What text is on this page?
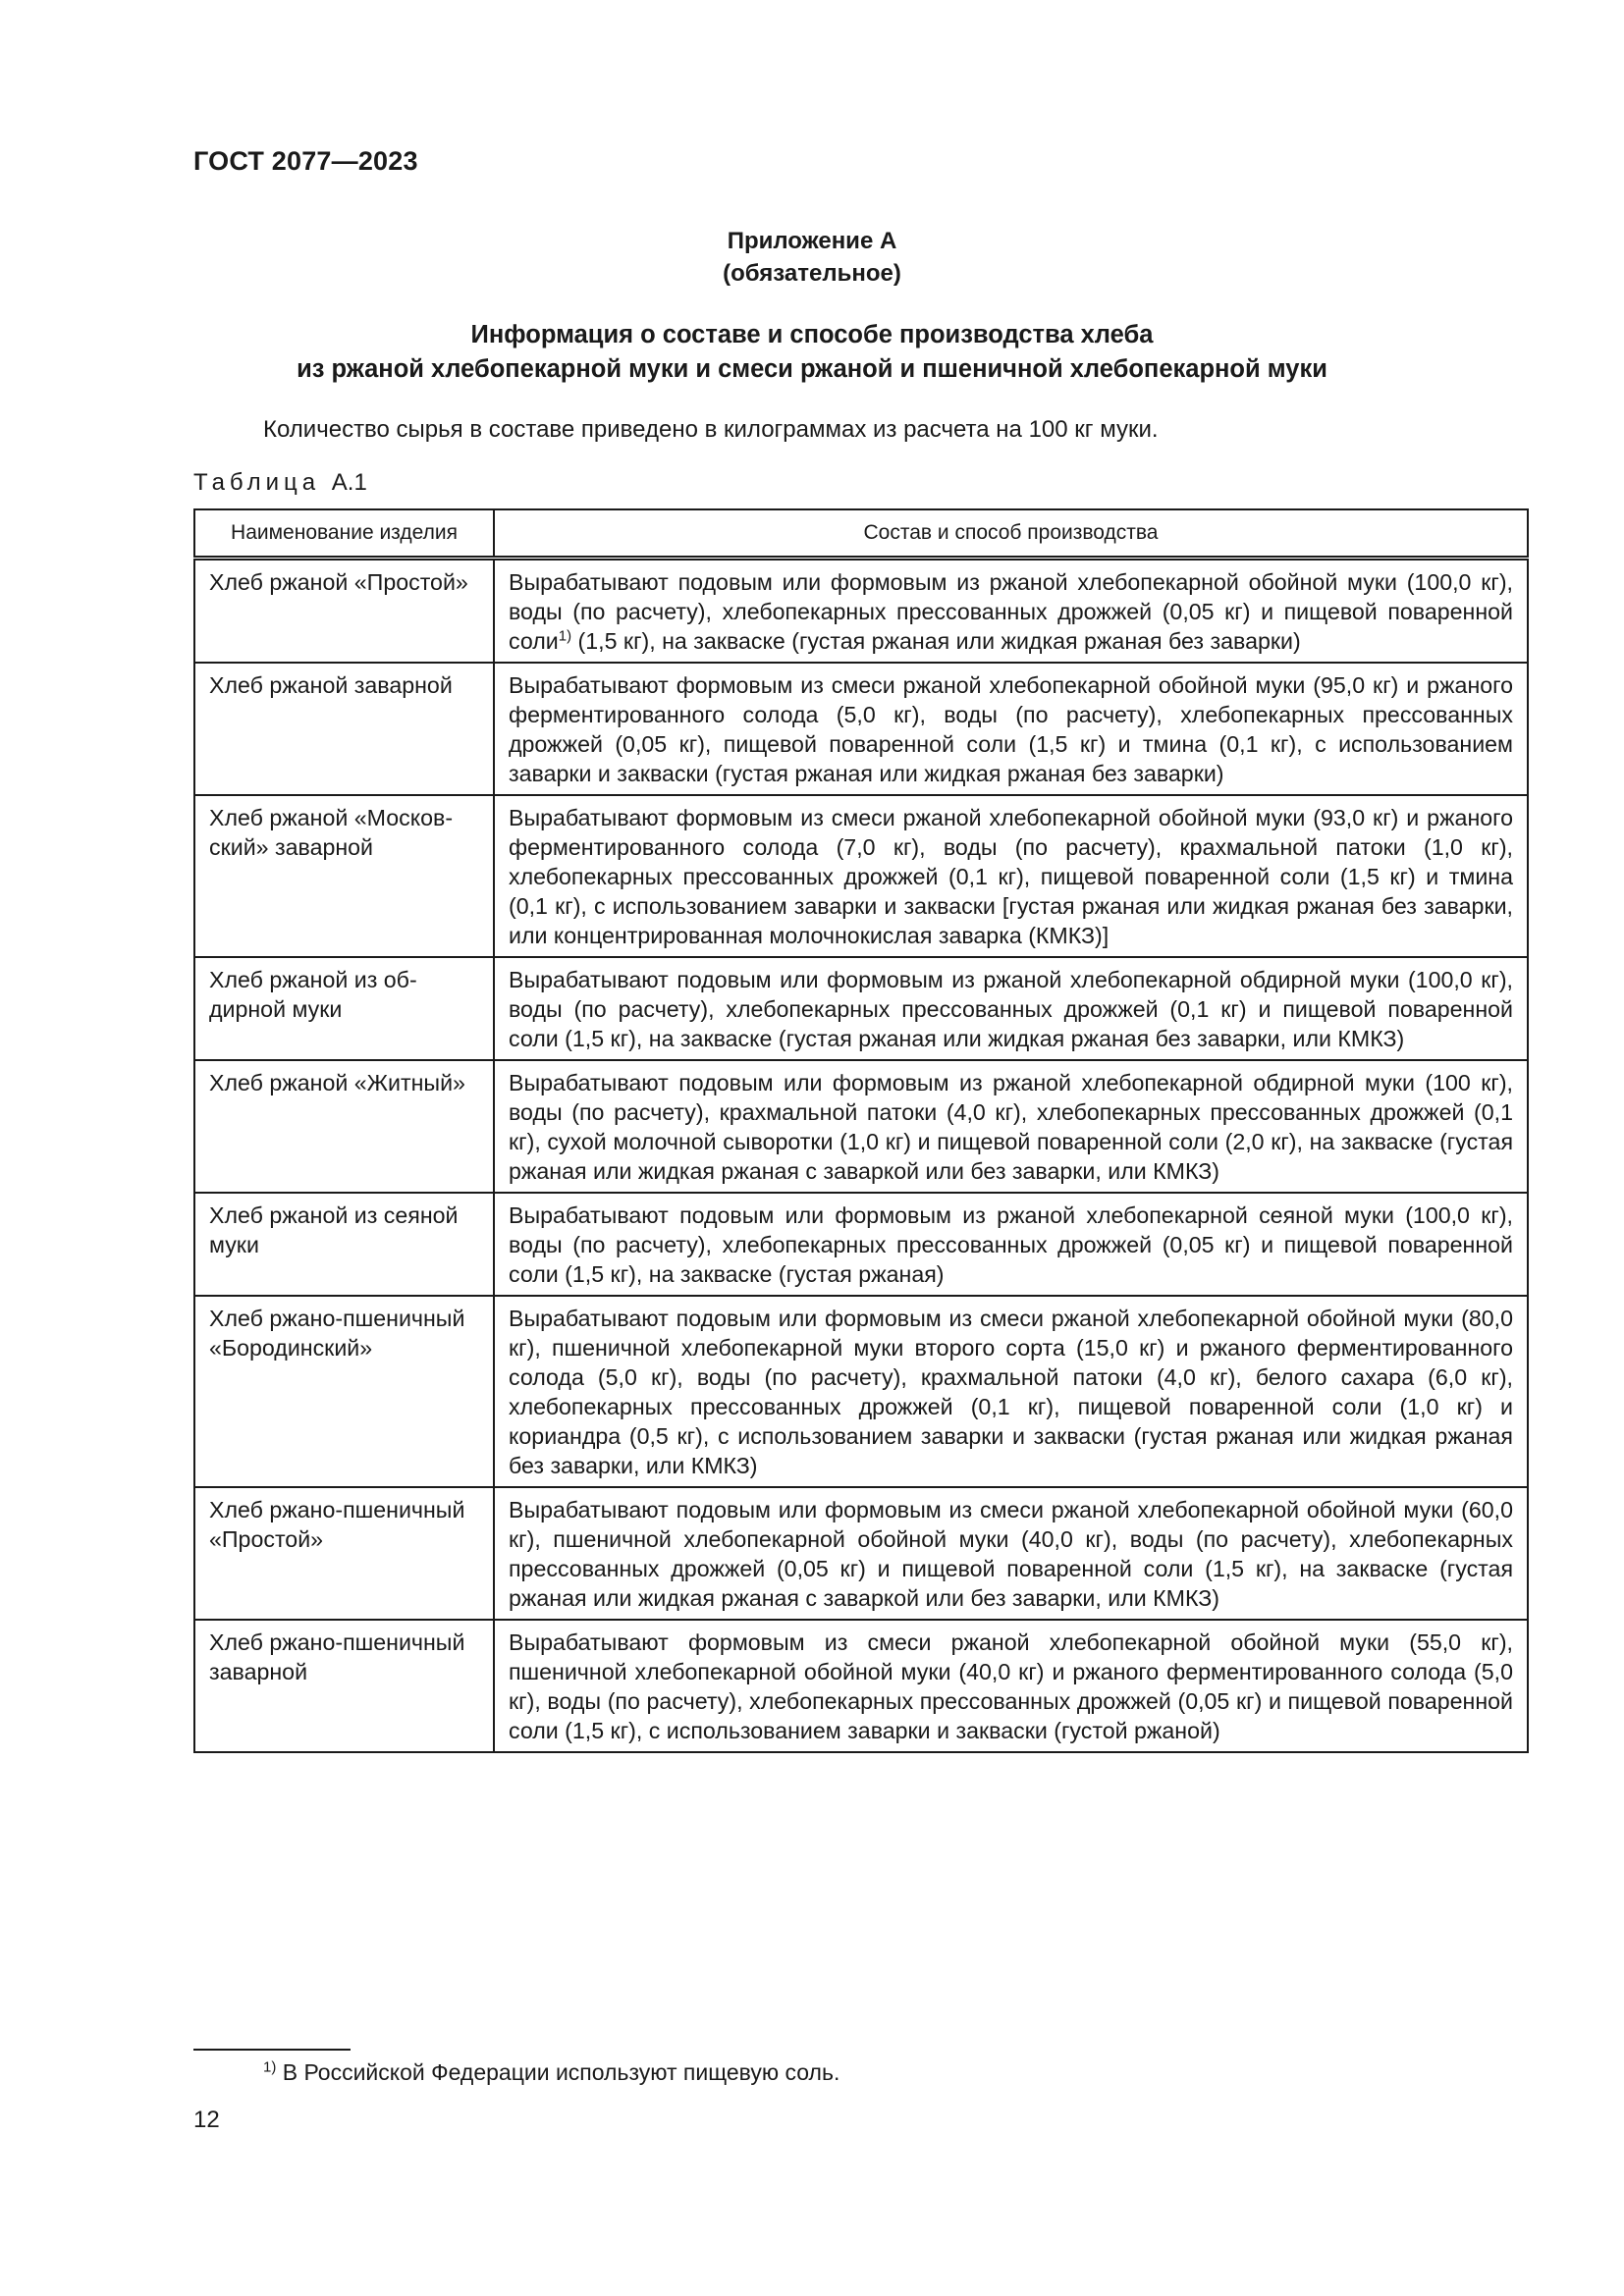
ГОСТ 2077—2023
Приложение А
(обязательное)
Информация о составе и способе производства хлеба
из ржаной хлебопекарной муки и смеси ржаной и пшеничной хлебопекарной муки
Количество сырья в составе приведено в килограммах из расчета на 100 кг муки.
Таблица А.1
Наименование изделия	Состав и способ производства
Хлеб ржаной «Простой»	Вырабатывают подовым или формовым из ржаной хлебопекарной обойной муки (100,0 кг), воды (по расчету), хлебопекарных прессованных дрожжей (0,05 кг) и пищевой поваренной соли$^{1)}$ (1,5 кг), на закваске (густая ржаная или жидкая ржаная без заварки)
Хлеб ржаной заварной	Вырабатывают формовым из смеси ржаной хлебопекарной обойной муки (95,0 кг) и ржаного ферментированного солода (5,0 кг), воды (по расчету), хлебопекарных прессованных дрожжей (0,05 кг), пищевой поваренной соли (1,5 кг) и тмина (0,1 кг), с использованием заварки и закваски (густая ржаная или жидкая ржаная без заварки)
Хлеб ржаной «Московский» заварной	Вырабатывают формовым из смеси ржаной хлебопекарной обойной муки (93,0 кг) и ржаного ферментированного солода (7,0 кг), воды (по расчету), крахмальной патоки (1,0 кг), хлебопекарных прессованных дрожжей (0,1 кг), пищевой поваренной соли (1,5 кг) и тмина (0,1 кг), с использованием заварки и закваски [густая ржаная или жидкая ржаная без заварки, или концентрированная молочнокислая заварка (КМКЗ)]
Хлеб ржаной из обдирной муки	Вырабатывают подовым или формовым из ржаной хлебопекарной обдирной муки (100,0 кг), воды (по расчету), хлебопекарных прессованных дрожжей (0,1 кг) и пищевой поваренной соли (1,5 кг), на закваске (густая ржаная или жидкая ржаная без заварки, или КМКЗ)
Хлеб ржаной «Житный»	Вырабатывают подовым или формовым из ржаной хлебопекарной обдирной муки (100 кг), воды (по расчету), крахмальной патоки (4,0 кг), хлебопекарных прессованных дрожжей (0,1 кг), сухой молочной сыворотки (1,0 кг) и пищевой поваренной соли (2,0 кг), на закваске (густая ржаная или жидкая ржаная с заваркой или без заварки, или КМКЗ)
Хлеб ржаной из сеяной муки	Вырабатывают подовым или формовым из ржаной хлебопекарной сеяной муки (100,0 кг), воды (по расчету), хлебопекарных прессованных дрожжей (0,05 кг) и пищевой поваренной соли (1,5 кг), на закваске (густая ржаная)
Хлеб ржано-пшеничный «Бородинский»	Вырабатывают подовым или формовым из смеси ржаной хлебопекарной обойной муки (80,0 кг), пшеничной хлебопекарной муки второго сорта (15,0 кг) и ржаного ферментированного солода (5,0 кг), воды (по расчету), крахмальной патоки (4,0 кг), белого сахара (6,0 кг), хлебопекарных прессованных дрожжей (0,1 кг), пищевой поваренной соли (1,0 кг) и кориандра (0,5 кг), с использованием заварки и закваски (густая ржаная или жидкая ржаная без заварки, или КМКЗ)
Хлеб ржано-пшеничный «Простой»	Вырабатывают подовым или формовым из смеси ржаной хлебопекарной обойной муки (60,0 кг), пшеничной хлебопекарной обойной муки (40,0 кг), воды (по расчету), хлебопекарных прессованных дрожжей (0,05 кг) и пищевой поваренной соли (1,5 кг), на закваске (густая ржаная или жидкая ржаная с заваркой или без заварки, или КМКЗ)
Хлеб ржано-пшеничный заварной	Вырабатывают формовым из смеси ржаной хлебопекарной обойной муки (55,0 кг), пшеничной хлебопекарной обойной муки (40,0 кг) и ржаного ферментированного солода (5,0 кг), воды (по расчету), хлебопекарных прессованных дрожжей (0,05 кг) и пищевой поваренной соли (1,5 кг), с использованием заварки и закваски (густой ржаной)
$^{1)}$ В Российской Федерации используют пищевую соль.
12
